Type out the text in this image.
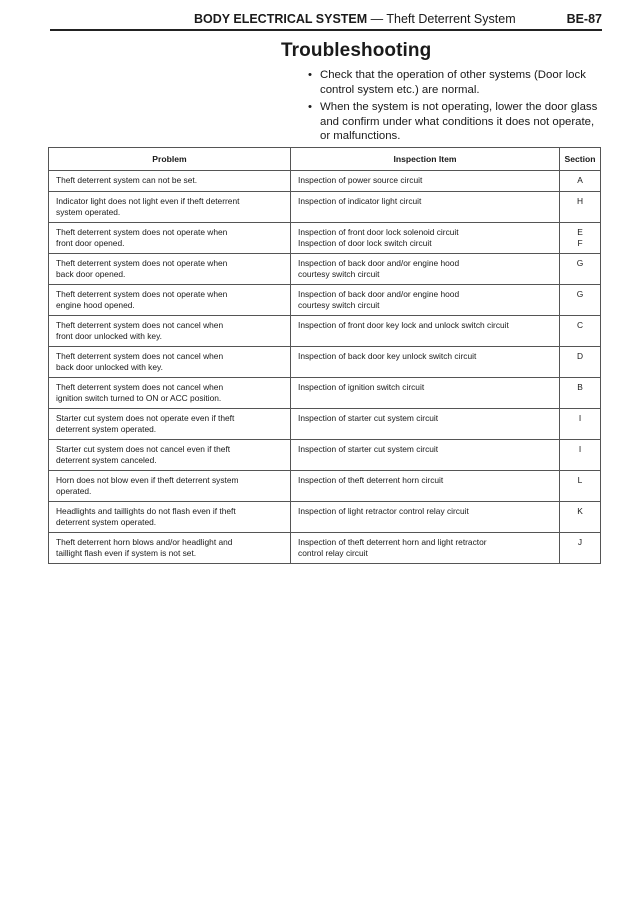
BODY ELECTRICAL SYSTEM — Theft Deterrent System	BE-87
Troubleshooting
• Check that the operation of other systems (Door lock control system etc.) are normal.
• When the system is not operating, lower the door glass and confirm under what conditions it does not operate, or malfunctions.
Problem	Inspection Item	Section

Theft deterrent system can not be set.	Inspection of power source circuit	A

Indicator light does not light even if theft deterrent
system operated.	Inspection of indicator light circuit	H

Theft deterrent system does not operate when
front door opened.	Inspection of front door lock solenoid circuit
Inspection of door lock switch circuit	E
F

Theft deterrent system does not operate when
back door opened.	Inspection of back door and/or engine hood
courtesy switch circuit	G

Theft deterrent system does not operate when
engine hood opened.	Inspection of back door and/or engine hood
courtesy switch circuit	G

Theft deterrent system does not cancel when
front door unlocked with key.	Inspection of front door key lock and unlock switch circuit	C

Theft deterrent system does not cancel when
back door unlocked with key.	Inspection of back door key unlock switch circuit	D

Theft deterrent system does not cancel when
ignition switch turned to ON or ACC position.	Inspection of ignition switch circuit	B

Starter cut system does not operate even if theft
deterrent system operated.	Inspection of starter cut system circuit	I

Starter cut system does not cancel even if theft
deterrent system canceled.	Inspection of starter cut system circuit	I

Horn does not blow even if theft deterrent system
operated.	Inspection of theft deterrent horn circuit	L

Headlights and taillights do not flash even if theft
deterrent system operated.	Inspection of light retractor control relay circuit	K

Theft deterrent horn blows and/or headlight and
taillight flash even if system is not set.	Inspection of theft deterrent horn and light retractor
control relay circuit	J
